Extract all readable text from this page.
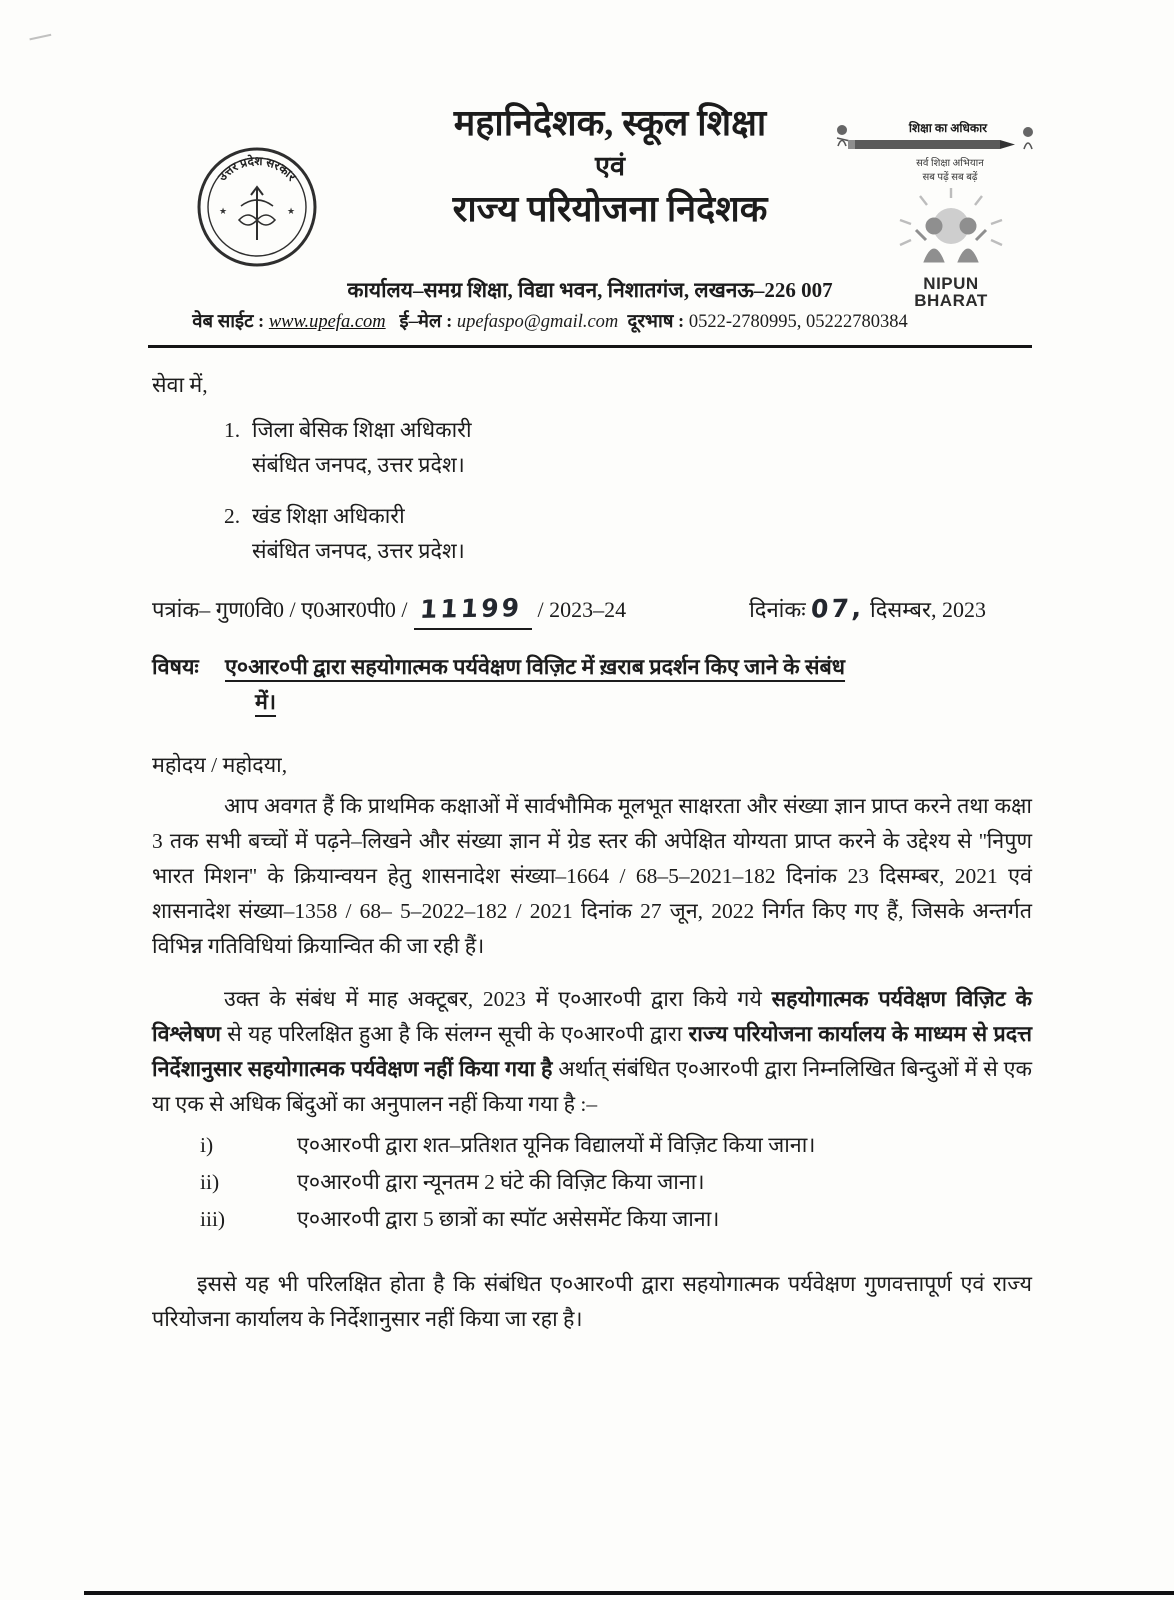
उत्तर प्रदेश सरकार
★	★
महानिदेशक, स्कूल शिक्षा
एवं
राज्य परियोजना निदेशक
शिक्षा का अधिकार
सर्व शिक्षा अभियान
सब पढ़ें सब बढ़ें
NIPUN
BHARAT
कार्यालय–समग्र शिक्षा, विद्या भवन, निशातगंज, लखनऊ–226 007
वेब साईट : www.upefa.com ई–मेल : upefaspo@gmail.com दूरभाष : 0522-2780995, 05222780384
सेवा में,
1. जिला बेसिक शिक्षा अधिकारी
संबंधित जनपद, उत्तर प्रदेश।
2. खंड शिक्षा अधिकारी
संबंधित जनपद, उत्तर प्रदेश।
पत्रांक– गुण0वि0 / ए0आर0पी0 / 11199 / 2023–24	दिनांकः 07, दिसम्बर, 2023
विषयः	ए०आर०पी द्वारा सहयोगात्मक पर्यवेक्षण विज़िट में ख़राब प्रदर्शन किए जाने के संबंध
में।
महोदय / महोदया,

आप अवगत हैं कि प्राथमिक कक्षाओं में सार्वभौमिक मूलभूत साक्षरता और संख्या ज्ञान प्राप्त करने तथा कक्षा 3 तक सभी बच्चों में पढ़ने–लिखने और संख्या ज्ञान में ग्रेड स्तर की अपेक्षित योग्यता प्राप्त करने के उद्देश्य से ''निपुण भारत मिशन'' के क्रियान्वयन हेतु शासनादेश संख्या–1664 / 68–5–2021–182 दिनांक 23 दिसम्बर, 2021 एवं शासनादेश संख्या–1358 / 68– 5–2022–182 / 2021 दिनांक 27 जून, 2022 निर्गत किए गए हैं, जिसके अन्तर्गत विभिन्न गतिविधियां क्रियान्वित की जा रही हैं।

उक्त के संबंध में माह अक्टूबर, 2023 में ए०आर०पी द्वारा किये गये सहयोगात्मक पर्यवेक्षण विज़िट के विश्लेषण से यह परिलक्षित हुआ है कि संलग्न सूची के ए०आर०पी द्वारा राज्य परियोजना कार्यालय के माध्यम से प्रदत्त निर्देशानुसार सहयोगात्मक पर्यवेक्षण नहीं किया गया है अर्थात् संबंधित ए०आर०पी द्वारा निम्नलिखित बिन्दुओं में से एक या एक से अधिक बिंदुओं का अनुपालन नहीं किया गया है :–

i)	ए०आर०पी द्वारा शत–प्रतिशत यूनिक विद्यालयों में विज़िट किया जाना।
ii)	ए०आर०पी द्वारा न्यूनतम 2 घंटे की विज़िट किया जाना।
iii)	ए०आर०पी द्वारा 5 छात्रों का स्पॉट असेसमेंट किया जाना।

इससे यह भी परिलक्षित होता है कि संबंधित ए०आर०पी द्वारा सहयोगात्मक पर्यवेक्षण गुणवत्तापूर्ण एवं राज्य परियोजना कार्यालय के निर्देशानुसार नहीं किया जा रहा है।
